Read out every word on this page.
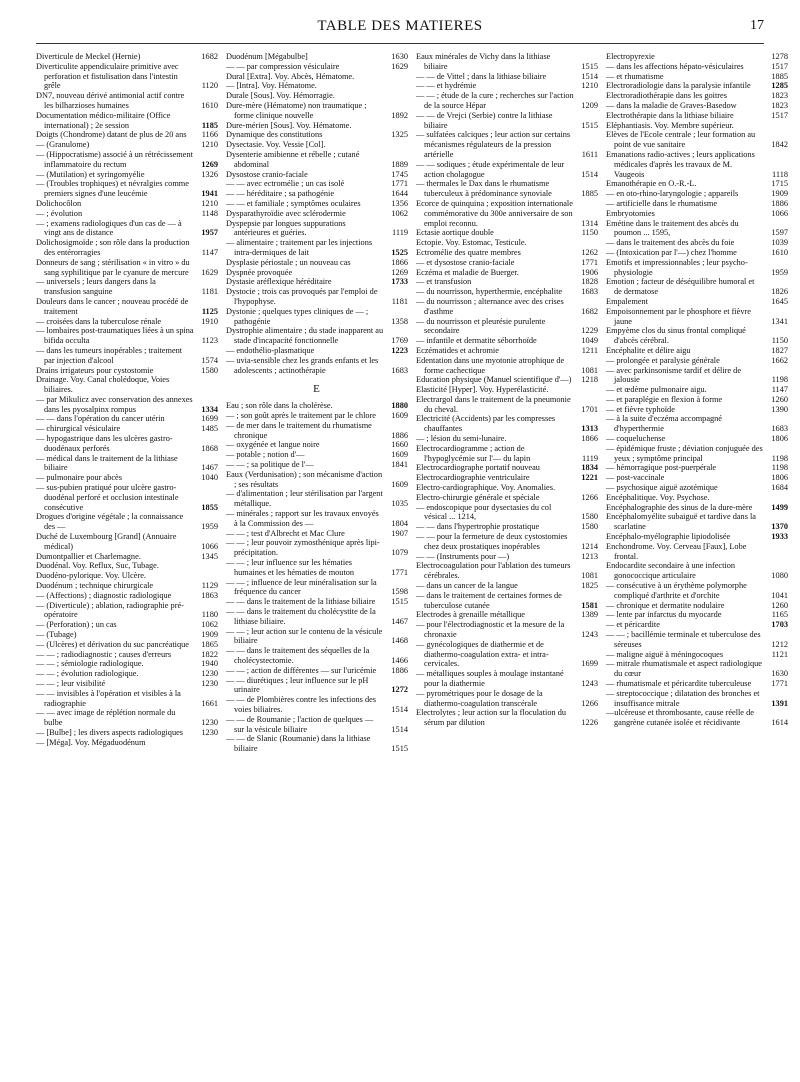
TABLE DES MATIERES	17

Diverticule de Meckel (Hernie)	1682

Diverticulite appendiculaire primitive avec perforation et fistulisation dans l'intestin grêle	1120

DN7, nouveau dérivé antimonial actif contre les bilharzioses humaines	1610

Documentation médico-militaire (Office international) ; 2e session	1185

Doigts (Chondrome) datant de plus de 20 ans 1166

— (Granulome)	1210

— (Hippocratisme) associé à un rétrécissement inflammatoire du rectum	1269

— (Mutilation) et syringomyélie	1326

— (Troubles trophiques) et névralgies comme premiers signes d'une leucémie	1941

Dolichocôlon	1210

— ; évolution	1148

— ; examens radiologiques d'un cas de — à vingt ans de distance	1957

Dolichosigmoïde ; son rôle dans la production des entérorragies	1147

Donneurs de sang ; stérilisation « in vitro » du sang syphilitique par le cyanure de mercure 1629

— universels ; leurs dangers dans la transfusion sanguine	1181

Douleurs dans le cancer ; nouveau procédé de traitement	1125

— croisées dans la tuberculose rénale	1910

— lombaires post-traumatiques liées à un spina bifida occulta	1123

— dans les tumeurs inopérables ; traitement par injection d'alcool	1574

Drains irrigateurs pour cystostomie	1580

Drainage. Voy. Canal cholédoque, Voies biliaires.

— par Mikulicz avec conservation des annexes dans les pyosalpinx rompus	1334

— — dans l'opération du cancer utérin	1699

— chirurgical vésiculaire	1485

— hypogastrique dans les ulcères gastro-duodénaux perforés	1868

— médical dans le traitement de la lithiase biliaire	1467

— pulmonaire pour abcès	1040

— sus-pubien pratiqué pour ulcère gastro-duodénal perforé et occlusion intestinale consécutive	1855

Drogues d'origine végétale ; la connaissance des —	1959

Duché de Luxembourg [Grand] (Annuaire médical)	1066

Dumontpallier et Charlemagne.	1345

Duodénal. Voy. Reflux, Suc, Tubage.

Duodéno-pylorique. Voy. Ulcère.

Duodénum ; technique chirurgicale	1129

— (Affections) ; diagnostic radiologique	1863

— (Diverticule) ; ablation, radiographie pré-opératoire	1180

— (Perforation) ; un cas	1062

— (Tubage)	1909

— (Ulcères) et dérivation du suc pancréatique 1865

— — ; radiodiagnostic ; causes d'erreurs	1822

— — ; sémiologie radiologique.	1940

— — ; évolution radiologique.	1230

— — ; leur visibilité	1230

— — invisibles à l'opération et visibles à la radiographie	1661

— — avec image de réplétion normale du bulbe	1230

— [Bulbe] ; les divers aspects radiologiques 1230

— [Méga]. Voy. Mégaduodénum

Duodénum [Mégabulbe]	1630

— — par compression vésiculaire	1629

Dural [Extra]. Voy. Abcès, Hématome.

— [Intra]. Voy. Hématome.

Durale [Sous]. Voy. Hémorragie.

Dure-mère (Hématome) non traumatique ; forme clinique nouvelle	1892

Dure-mérien [Sous]. Voy. Hématome.

Dynamique des constitutions	1325

Dysectasie. Voy. Vessie [Col].

Dysenterie amibienne et rébelle ; cutané abdominal	1889

Dysostose cranio-faciale	1745

— — avec ectromélie ; un cas isolé	1771

— — héréditaire ; sa pathogénie	1644

— — et familiale ; symptômes oculaires	1356

Dysparathyroïdie avec sclérodermie	1062

Dyspepsie par longues suppurations antérieures et guéries.	1119

— alimentaire ; traitement par les injections intra-dermiques de lait	1525

Dysplasie périostale ; un nouveau cas	1866

Dyspnée provoquée	1269

Dystasie aréflexique héréditaire	1733

Dystocie ; trois cas provoqués par l'emploi de l'hypophyse.	1181

Dystonie ; quelques types cliniques de — ; pathogénie	1358

Dystrophie alimentaire ; du stade inapparent au stade d'incapacité fonctionnelle	1769

— endothélio-plasmatique	1223

— uvia-sensible chez les grands enfants et les adolescents ; actinothérapie	1683

E

Eau ; son rôle dans la cholérèse.	1880

— ; son goût après le traitement par le chlore 1609

— de mer dans le traitement du rhumatisme chronique	1886

— oxygénée et langue noire	1660

— potable ; notion d'—	1609

— — ; sa politique de l'—	1841

Eaux (Verdunisation) ; son mécanisme d'action ; ses résultats	1609

— d'alimentation ; leur stérilisation par l'argent métallique.	1035

— minérales ; rapport sur les travaux envoyés à la Commission des —	1804

— — ; test d'Albrecht et Mac Clure	1907

— — ; leur pouvoir zymosthénique après lipi-précipitation.	1079

— — ; leur influence sur les hématies humaines et les hématies de mouton	1771

— — ; influence de leur minéralisation sur la fréquence du cancer	1598

— — dans le traitement de la lithiase biliaire 1515

— — dans le traitement du cholécystite de la lithiase biliaire.	1467

— — ; leur action sur le contenu de la vésicule biliaire	1468

— — dans le traitement des séquelles de la cholécystectomie.	1466

— — ; action de différentes — sur l'uricémie 1886

— — diurétiques ; leur influence sur le pH urinaire	1272

— — de Plombières contre les infections des voies biliaires.	1514

— — de Roumanie ; l'action de quelques — sur la vésicule biliaire	1514

— — de Slanic (Roumanie) dans la lithiase biliaire	1515

Eaux minérales de Vichy dans la lithiase biliaire	1515

— — de Vittel ; dans la lithiase biliaire	1514

— — et hydrémie	1210

— — ; étude de la cure ; recherches sur l'action de la source Hépar	1209

— — de Vrejci (Serbie) contre la lithiase biliaire	1515

— sulfatées calciques ; leur action sur certains mécanismes régulateurs de la pression artérielle	1611

— — sodiques ; étude expérimentale de leur action cholagogue	1514

— thermales le Dax dans le rhumatisme tuberculeux à prédominance synoviale	1885

Ecorce de quinquina ; exposition internationale commémorative du 300e anniversaire de son emploi reconnu.	1314

Ectasie aortique double	1150

Ectopie. Voy. Estomac, Testicule.

Ectromélie des quatre membres	1262

— et dysostose cranio-faciale	1771

Eczéma et maladie de Buerger.	1906

— et transfusion	1828

— du nourrisson, hyperthermie, encéphalite 1683

— du nourrisson ; alternance avec des crises d'asthme	1682

— du nourrisson et pleurésie purulente secondaire	1229

— infantile et dermatite séborrhoïde	1049

Eczématides et achromie	1211

Edentation dans une myotonie atrophique de forme cachectique	1081

Education physique (Manuel scientifique d'—) 1218

Elasticité [Hyper]. Voy. Hyperélasticité.

Electrargol dans le traitement de la pneumonie du cheval.	1701

Electricité (Accidents) par les compresses chauffantes	1313

— ; lésion du semi-lunaire.	1866

Electrocardiogramme ; action de l'hypoglycémie sur l'— du lapin	1119

Electrocardiographe portatif nouveau	1834

Electrocardiographie ventriculaire	1221

Electro-cardiographique. Voy. Anomalies.

Electro-chirurgie générale et spéciale	1266

— endoscopique pour dysectasies du col vésical ... 1214,	1580

— — dans l'hypertrophie prostatique	1580

— — pour la fermeture de deux cystostomies chez deux prostatiques inopérables	1214

— — (Instruments pour —)	1213

Electrocoagulation pour l'ablation des tumeurs cérébrales.	1081

— dans un cancer de la langue	1825

— dans le traitement de certaines formes de tuberculose cutanée	1581

Electrodes à grenaille métallique	1389

— pour l'électrodiagnostic et la mesure de la chronaxie	1243

— gynécologiques de diathermie et de diathermo-coagulation extra- et intra-cervicales.	1699

— métalliques souples à moulage instantané pour la diathermie	1243

— pyrométriques pour le dosage de la diathermo-coagulation transcérale	1266

Electrolytes ; leur action sur la floculation du sérum par dilution	1226

Electropyrexie	1278

— dans les affections hépato-vésiculaires	1517

— et rhumatisme	1885

Electroradiologie dans la paralysie infantile 1285

Electroradiothérapie dans les goitres	1823

— dans la maladie de Graves-Basedow	1823

Electrothérapie dans la lithiase biliaire	1517

Eléphantiasis. Voy. Membre supérieur.

Elèves de l'Ecole centrale ; leur formation au point de vue sanitaire	1842

Emanations radio-actives ; leurs applications médicales d'après les travaux de M. Vaugeois	1118

Emanothérapie en O.-R.-L.	1715

— en oto-rhino-laryngologie ; appareils	1909

— artificielle dans le rhumatisme	1886

Embryotomies	1066

Emétine dans le traitement des abcès du poumon ... 1595,	1597

— dans le traitement des abcès du foie	1039

— (Intoxication par l'—) chez l'homme	1610

Emotifs et impressionnables ; leur psycho-physiologie	1959

Emotion ; facteur de déséquilibre humoral et de dermatose	1826

Empalement	1645

Empoisonnement par le phosphore et fièvre jaune	1341

Empyème clos du sinus frontal compliqué d'abcès cérébral.	1150

Encéphalite et délire aigu	1827

— prolongée et paralysie générale	1662

— avec parkinsonisme tardif et délire de jalousie	1198

— et œdème pulmonaire aigu.	1147

— et paraplégie en flexion à forme	1260

— et fièvre typhoïde	1390

— à la suite d'eczéma accompagné d'hyperthermie	1683

— coqueluchense	1806

— épidémique fruste ; déviation conjuguée des yeux ; symptôme principal	1198

— hémorragique post-puerpérale	1198

— post-vaccinale	1806

— psychosique aiguë azotémique	1684

Encéphalitique. Voy. Psychose.

Encéphalographie des sinus de la dure-mère 1499

Encéphalomyélite subaiguë et tardive dans la scarlatine	1370

Encéphalo-myélographie lipiodolisée	1933

Enchondrome. Voy. Cerveau [Faux], Lobe frontal.

Endocardite secondaire à une infection gonococcique articulaire	1080

— consécutive à un érythème polymorphe compliqué d'arthrite et d'orchite	1041

— chronique et dermatite nodulaire	1260

— lente par infarctus du myocarde	1165

— et péricardite	1703

— — ; bacillémie terminale et tuberculose des séreuses	1212

— maligne aiguë à méningocoques	1121

— mitrale rhumatismale et aspect radiologique du cœur	1630

— rhumatismale et péricardite tuberculeuse 1771

— streptococcique ; dilatation des bronches et insuffisance mitrale	1391

—ulcéreuse et thrombosante, cause réelle de gangrène cutanée isolée et récidivante	1614
